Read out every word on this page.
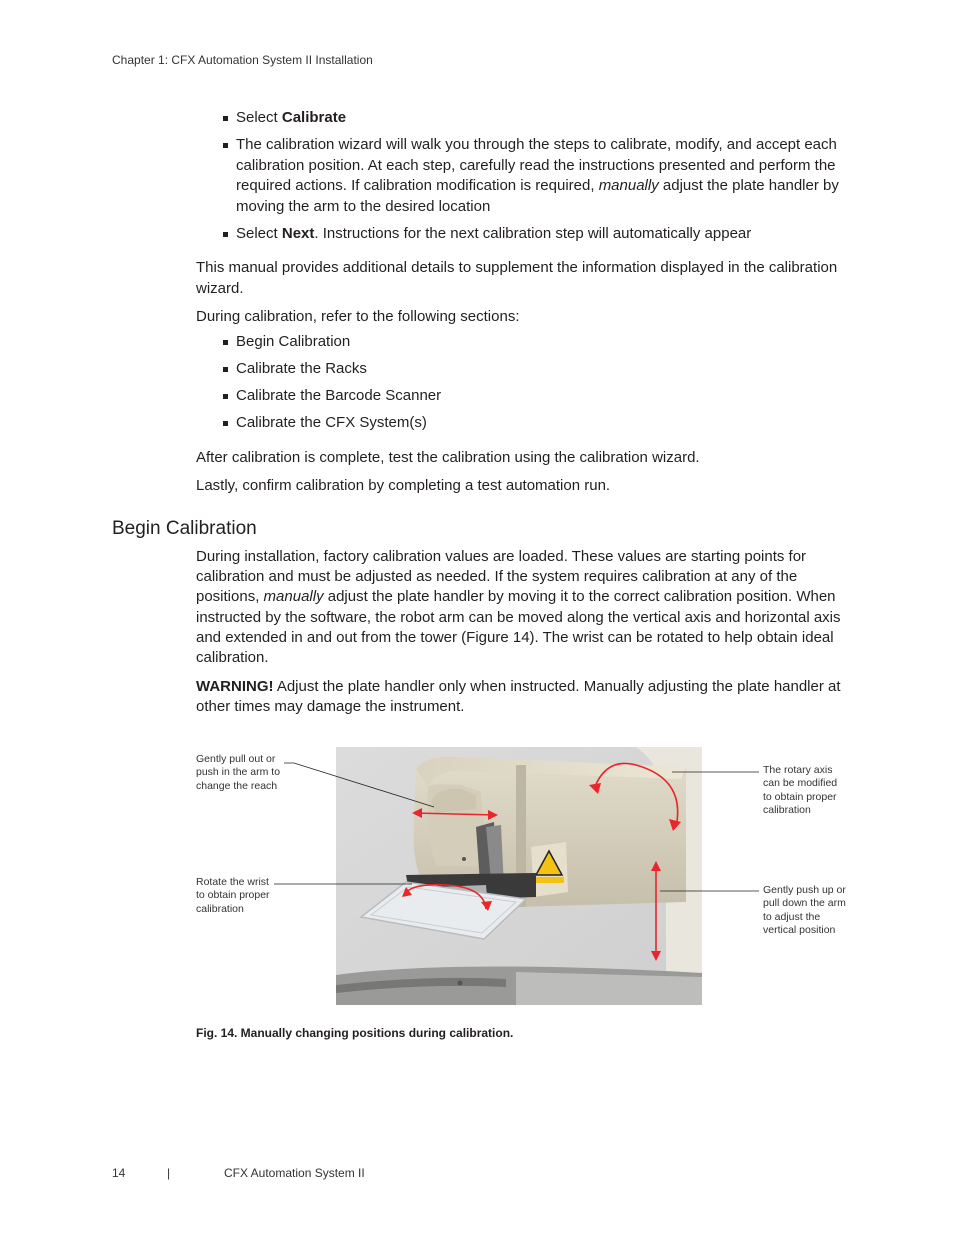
Chapter 1: CFX Automation System II Installation
Select Calibrate
The calibration wizard will walk you through the steps to calibrate, modify, and accept each calibration position. At each step, carefully read the instructions presented and perform the required actions. If calibration modification is required, manually adjust the plate handler by moving the arm to the desired location
Select Next. Instructions for the next calibration step will automatically appear

This manual provides additional details to supplement the information displayed in the calibration wizard.

During calibration, refer to the following sections:

Begin Calibration
Calibrate the Racks
Calibrate the Barcode Scanner
Calibrate the CFX System(s)

After calibration is complete, test the calibration using the calibration wizard.

Lastly, confirm calibration by completing a test automation run.

Begin Calibration

During installation, factory calibration values are loaded. These values are starting points for calibration and must be adjusted as needed. If the system requires calibration at any of the positions, manually adjust the plate handler by moving it to the correct calibration position. When instructed by the software, the robot arm can be moved along the vertical axis and horizontal axis and extended in and out from the tower (Figure 14). The wrist can be rotated to help obtain ideal calibration.

WARNING! Adjust the plate handler only when instructed. Manually adjusting the plate handler at other times may damage the instrument.

Gently pull out or push in the arm to change the reach
Rotate the wrist to obtain proper calibration
The rotary axis can be modified to obtain proper calibration
Gently push up or pull down the arm to adjust the vertical position
Fig. 14. Manually changing positions during calibration.
14	|	CFX Automation System II
